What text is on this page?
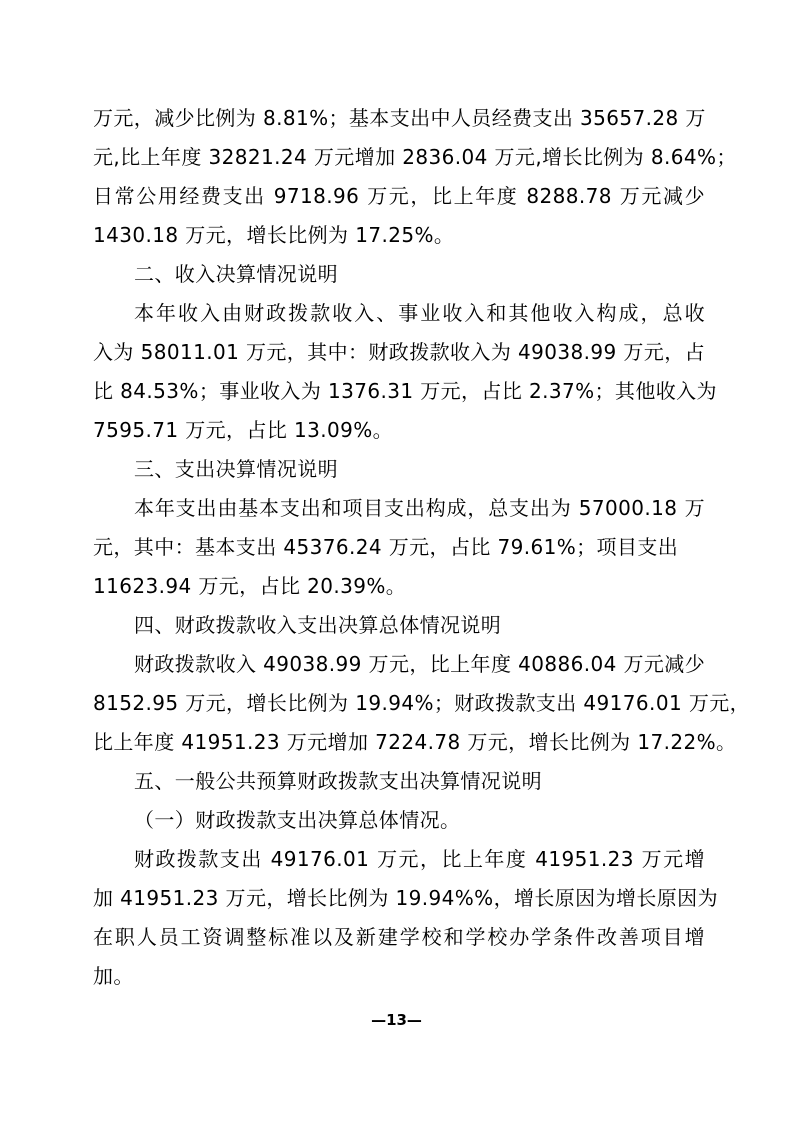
万元，减少比例为 8.81%；基本支出中人员经费支出 35657.28 万
元,比上年度 32821.24 万元增加 2836.04 万元,增长比例为 8.64%；
日常公用经费支出 9718.96 万元，比上年度 8288.78 万元减少
1430.18 万元，增长比例为 17.25%。
二、收入决算情况说明
本年收入由财政拨款收入、事业收入和其他收入构成，总收
入为 58011.01 万元，其中：财政拨款收入为 49038.99 万元，占
比 84.53%；事业收入为 1376.31 万元，占比 2.37%；其他收入为
7595.71 万元，占比 13.09%。
三、支出决算情况说明
本年支出由基本支出和项目支出构成，总支出为 57000.18 万
元，其中：基本支出 45376.24 万元，占比 79.61%；项目支出
11623.94 万元，占比 20.39%。
四、财政拨款收入支出决算总体情况说明
财政拨款收入 49038.99 万元，比上年度 40886.04 万元减少
8152.95 万元，增长比例为 19.94%；财政拨款支出 49176.01 万元，
比上年度 41951.23 万元增加 7224.78 万元，增长比例为 17.22%。
五、一般公共预算财政拨款支出决算情况说明
（一）财政拨款支出决算总体情况。
财政拨款支出 49176.01 万元，比上年度 41951.23 万元增
加 41951.23 万元，增长比例为 19.94%%，增长原因为增长原因为
在职人员工资调整标准以及新建学校和学校办学条件改善项目增
加。
—13—
